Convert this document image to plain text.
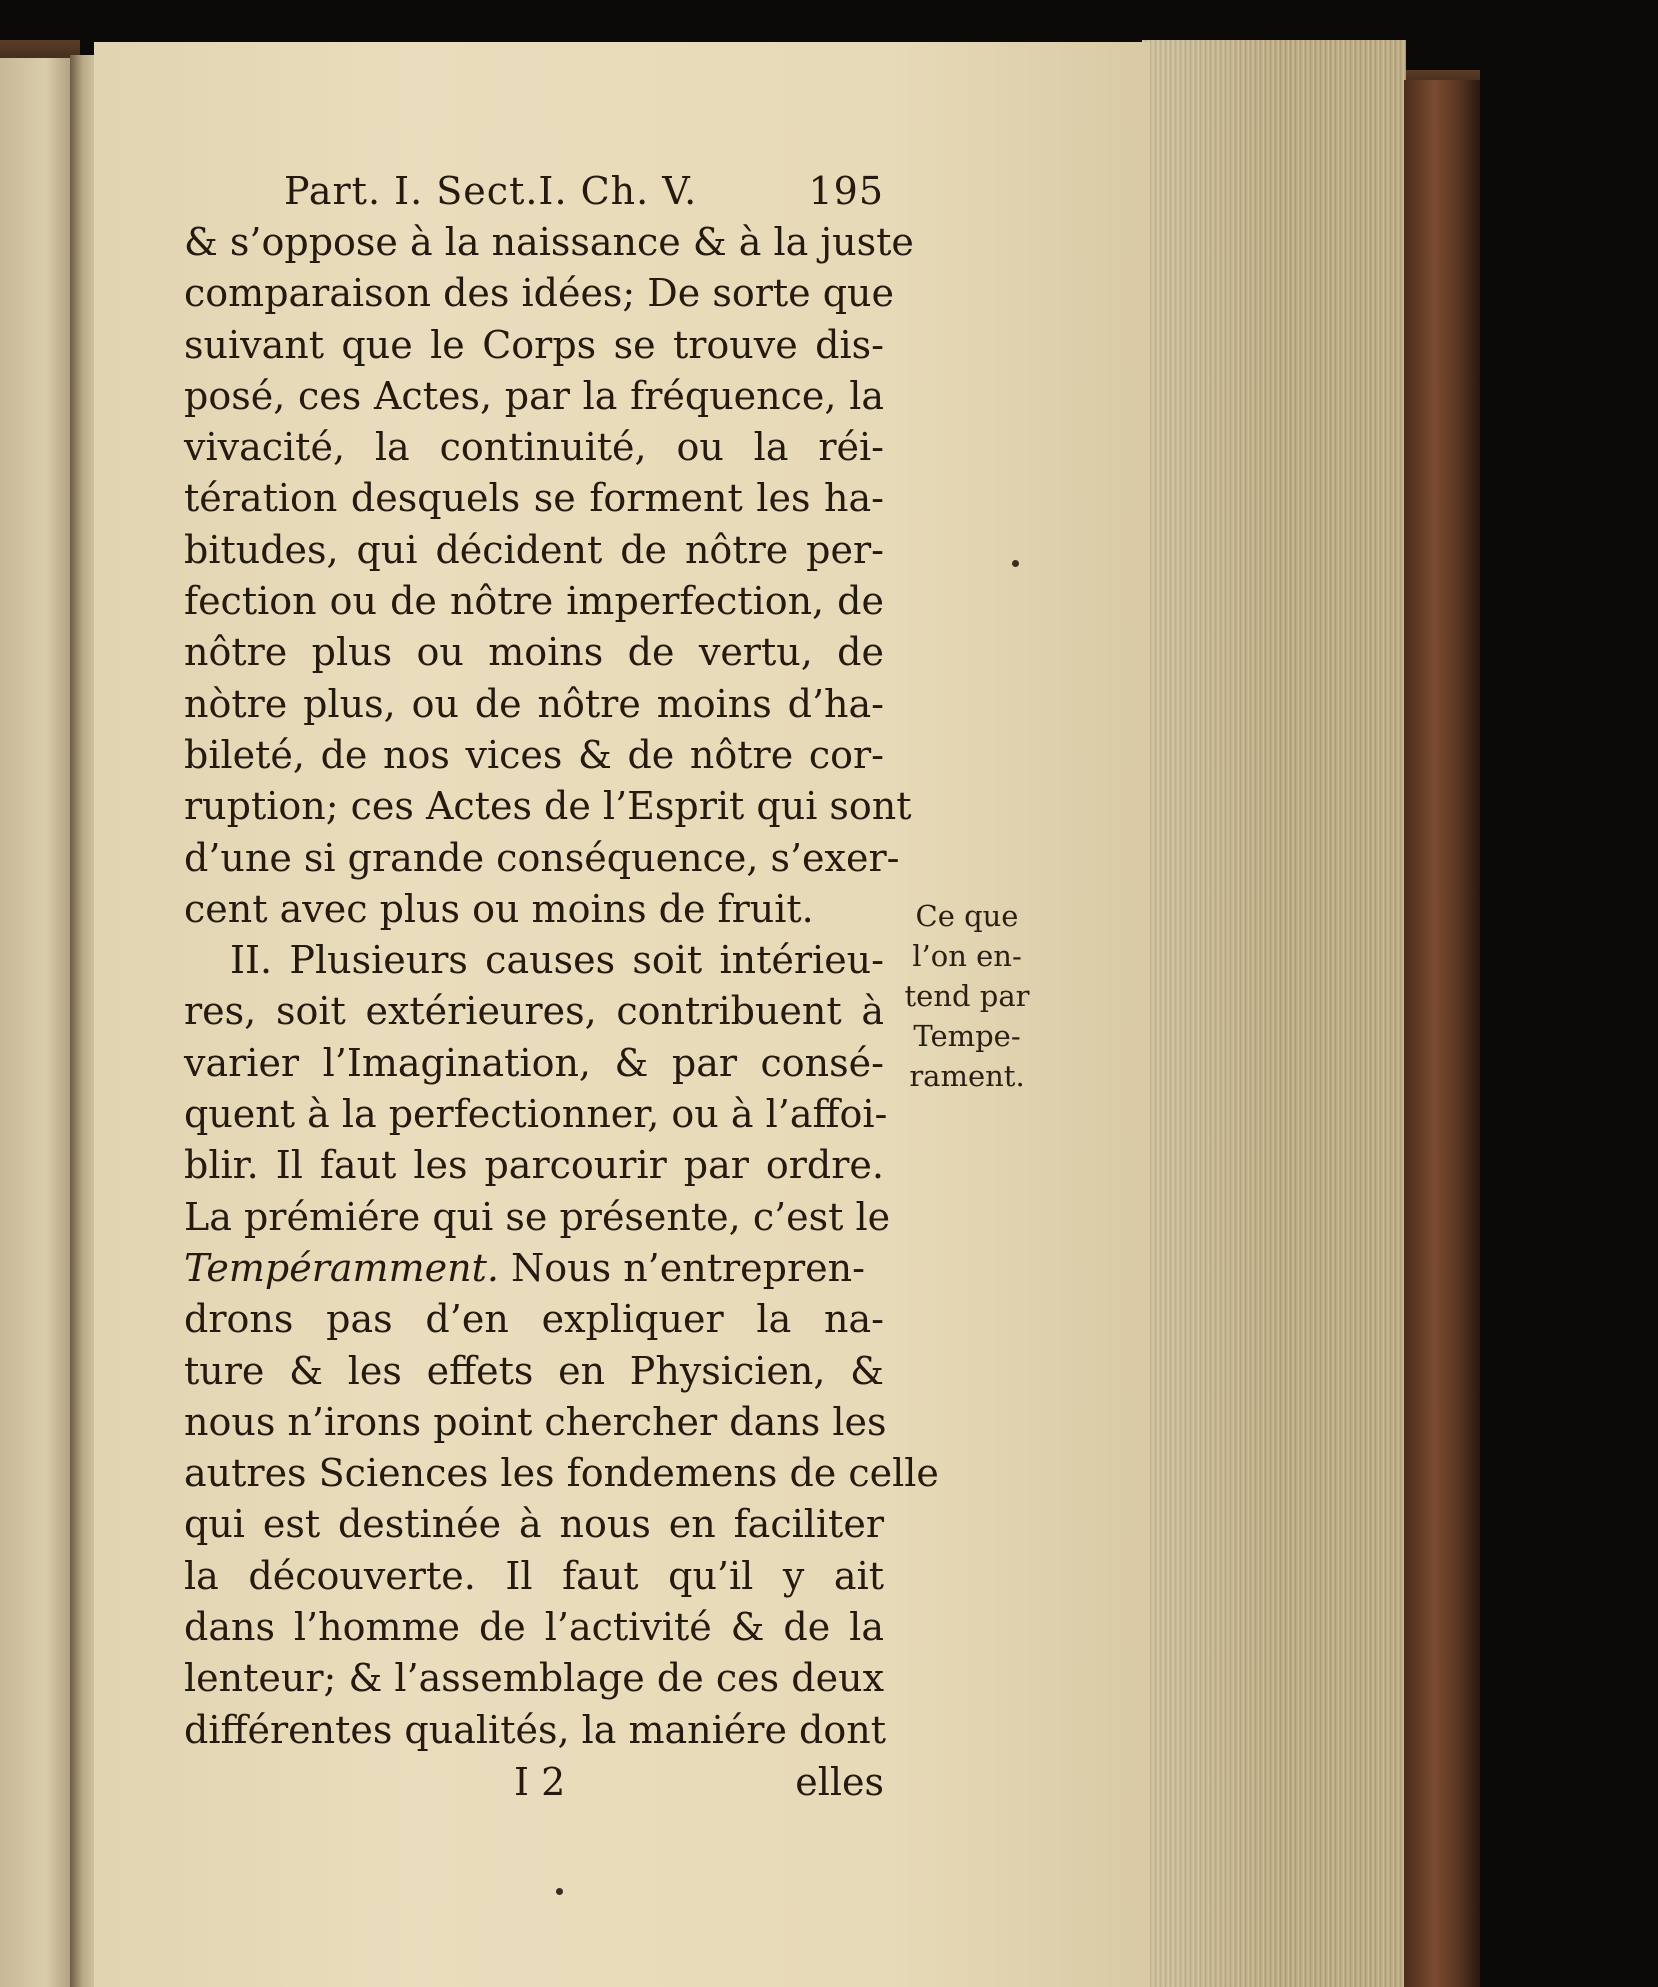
Part. I. Sect.I. Ch. V.	195
& s’oppose à la naissance & à la juste
comparaison des idées; De sorte que
suivant que le Corps se trouve dis-
posé, ces Actes, par la fréquence, la
vivacité, la continuité, ou la réi-
tération desquels se forment les ha-
bitudes, qui décident de nôtre per-
fection ou de nôtre imperfection, de
nôtre plus ou moins de vertu, de
nòtre plus, ou de nôtre moins d’ha-
bileté, de nos vices & de nôtre cor-
ruption; ces Actes de l’Esprit qui sont
d’une si grande conséquence, s’exer-
cent avec plus ou moins de fruit.
II. Plusieurs causes soit intérieu-
res, soit extérieures, contribuent à
varier l’Imagination, & par consé-
quent à la perfectionner, ou à l’affoi-
blir. Il faut les parcourir par ordre.
La prémiére qui se présente, c’est le
Tempéramment. Nous n’entrepren-
drons pas d’en expliquer la na-
ture & les effets en Physicien, &
nous n’irons point chercher dans les
autres Sciences les fondemens de celle
qui est destinée à nous en faciliter
la découverte. Il faut qu’il y ait
dans l’homme de l’activité & de la
lenteur; & l’assemblage de ces deux
différentes qualités, la maniére dont
I 2	elles
Ce que
l’on en-
tend par
Tempe-
rament.
